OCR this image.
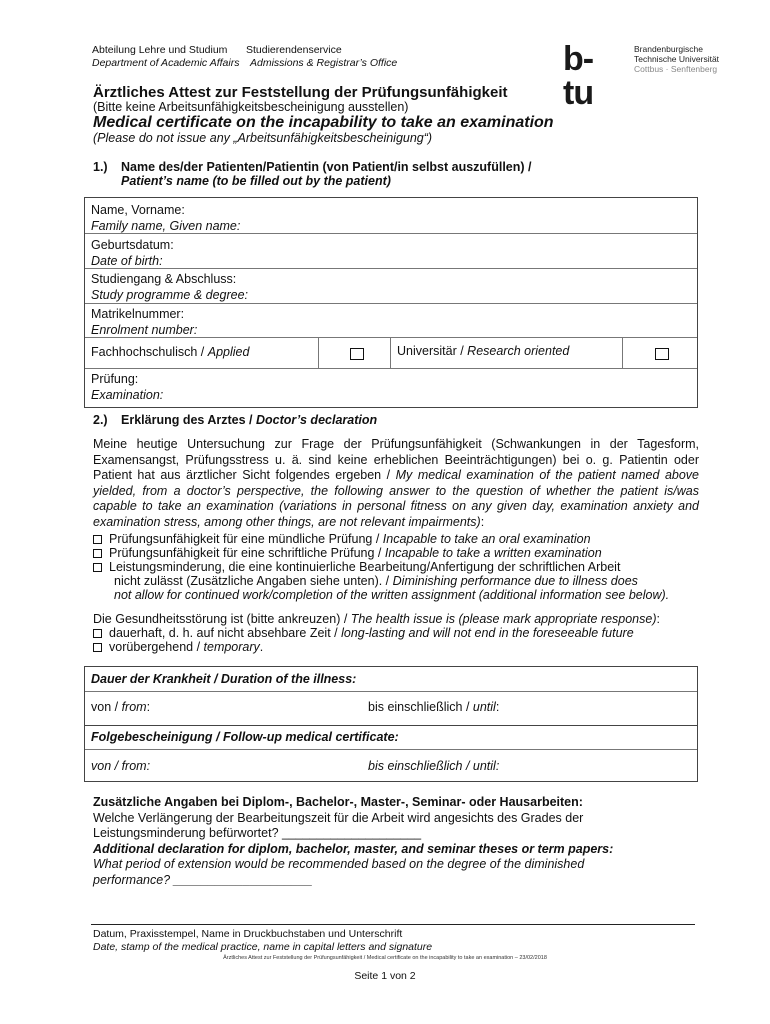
Abteilung Lehre und Studium
Department of Academic Affairs
Studierendenservice
Admissions & Registrar’s Office	b-tu
Brandenburgische
Technische Universität
Cottbus · Senftenberg
Ärztliches Attest zur Feststellung der Prüfungsunfähigkeit
(Bitte keine Arbeitsunfähigkeitsbescheinigung ausstellen)
Medical certificate on the incapability to take an examination
(Please do not issue any „Arbeitsunfähigkeitsbescheinigung“)
1.) Name des/der Patienten/Patientin (von Patient/in selbst auszufüllen) /
Patient’s name (to be filled out by the patient)
Name, Vorname:
Family name, Given name:
Geburtsdatum:
Date of birth:
Studiengang & Abschluss:
Study programme & degree:
Matrikelnummer:
Enrolment number:
Fachhochschulisch / Applied	Universitär / Research oriented
Prüfung:
Examination:
2.) Erklärung des Arztes / Doctor’s declaration
Meine heutige Untersuchung zur Frage der Prüfungsunfähigkeit (Schwankungen in der Tagesform,
Examensangst, Prüfungsstress u. ä. sind keine erheblichen Beeinträchtigungen) bei o. g. Patientin oder
Patient hat aus ärztlicher Sicht folgendes ergeben / My medical examination of the patient named above
yielded, from a doctor’s perspective, the following answer to the question of whether the patient is/was
capable to take an examination (variations in personal fitness on any given day, examination anxiety and
examination stress, among other things, are not relevant impairments):
Prüfungsunfähigkeit für eine mündliche Prüfung / Incapable to take an oral examination
Prüfungsunfähigkeit für eine schriftliche Prüfung / Incapable to take a written examination
Leistungsminderung, die eine kontinuierliche Bearbeitung/Anfertigung der schriftlichen Arbeit
nicht zulässt (Zusätzliche Angaben siehe unten). / Diminishing performance due to illness does
not allow for continued work/completion of the written assignment (additional information see below).
Die Gesundheitsstörung ist (bitte ankreuzen) / The health issue is (please mark appropriate response):
dauerhaft, d. h. auf nicht absehbare Zeit / long-lasting and will not end in the foreseeable future
vorübergehend / temporary.
Dauer der Krankheit / Duration of the illness:
von / from:	bis einschließlich / until:
Folgebescheinigung / Follow-up medical certificate:
von / from:	bis einschließlich / until:
Zusätzliche Angaben bei Diplom-, Bachelor-, Master-, Seminar- oder Hausarbeiten:
Welche Verlängerung der Bearbeitungszeit für die Arbeit wird angesichts des Grades der
Leistungsminderung befürwortet? ____________________
Additional declaration for diplom, bachelor, master, and seminar theses or term papers:
What period of extension would be recommended based on the degree of the diminished
performance? ____________________
Datum, Praxisstempel, Name in Druckbuchstaben und Unterschrift
Date, stamp of the medical practice, name in capital letters and signature
Ärztliches Attest zur Feststellung der Prüfungsunfähigkeit / Medical certificate on the incapability to take an examination – 23/02/2018
Seite 1 von 2
